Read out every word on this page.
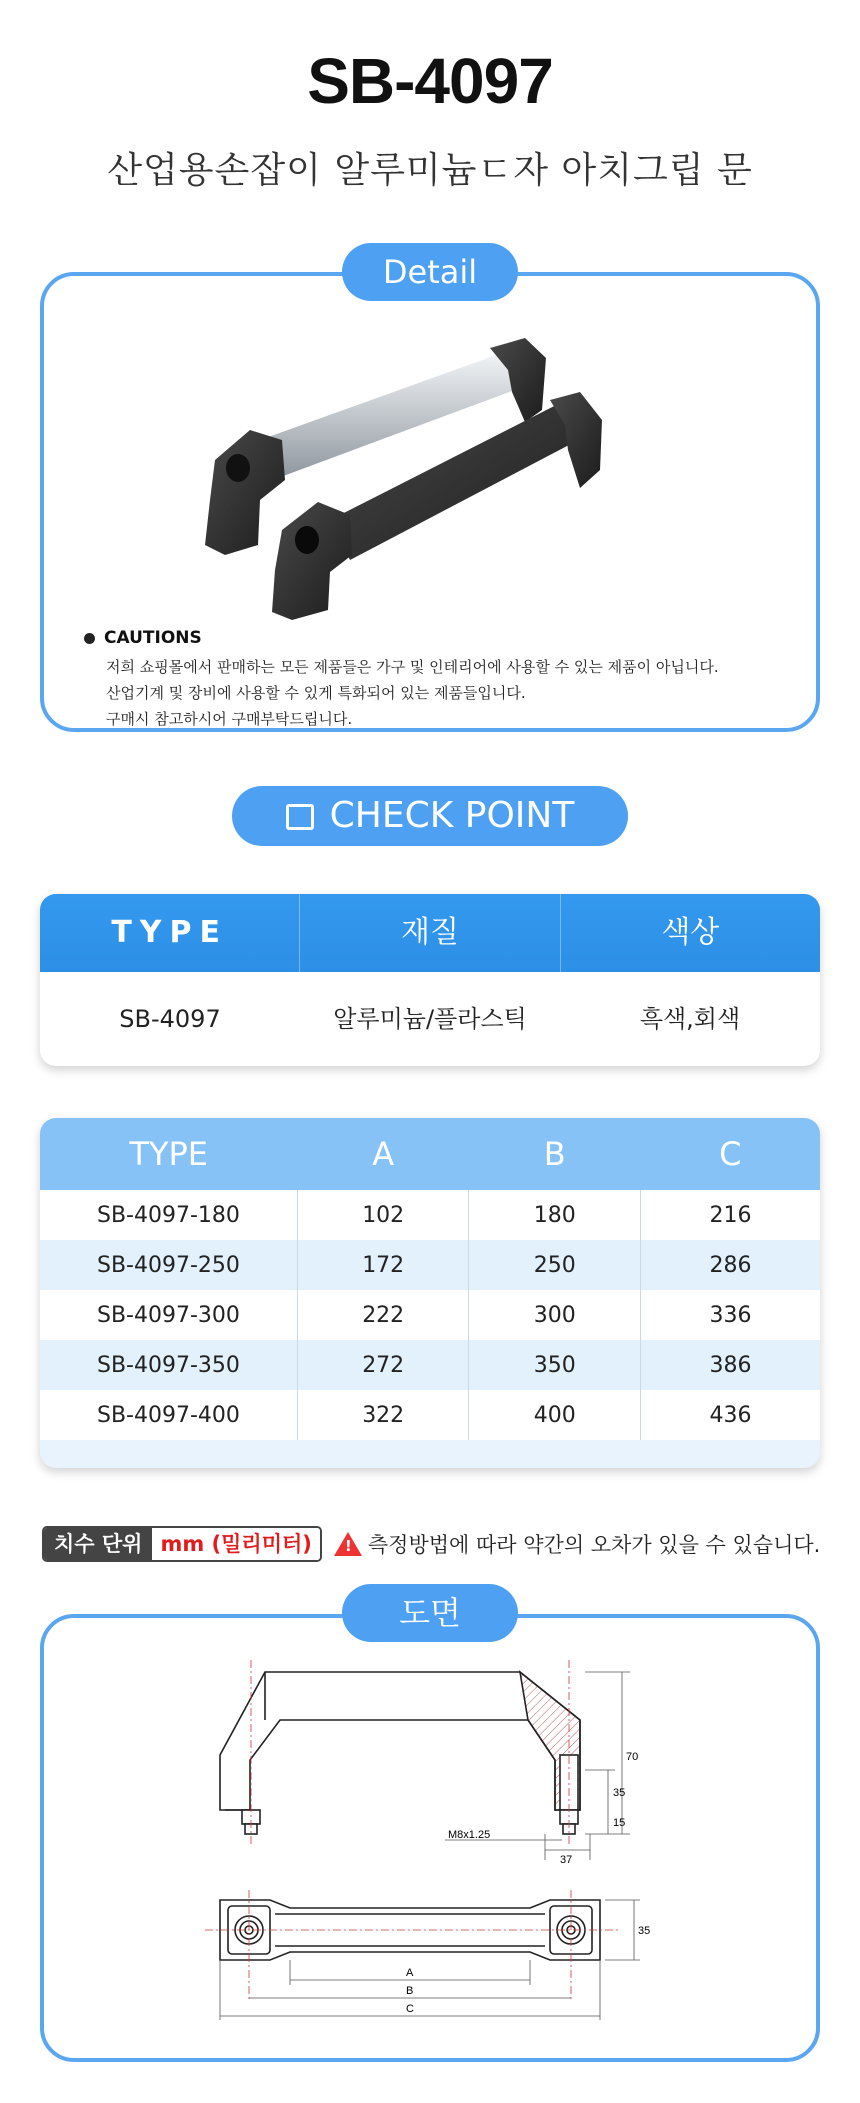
SB-4097
산업용손잡이 알루미늄ㄷ자 아치그립 문
Detail
CAUTIONS
저희 쇼핑몰에서 판매하는 모든 제품들은 가구 및 인테리어에 사용할 수 있는 제품이 아닙니다.
산업기계 및 장비에 사용할 수 있게 특화되어 있는 제품들입니다.
구매시 참고하시어 구매부탁드립니다.
CHECK POINT
TYPE	재질	색상
SB-4097	알루미늄/플라스틱	흑색,회색
TYPE	A	B	C
SB-4097-180	102	180	216
SB-4097-250	172	250	286
SB-4097-300	222	300	336
SB-4097-350	272	350	386
SB-4097-400	322	400	436
치수 단위 mm (밀리미터)	! 측정방법에 따라 약간의 오차가 있을 수 있습니다.
도면
70
35
15
M8x1.25
37
35
A
B
C
